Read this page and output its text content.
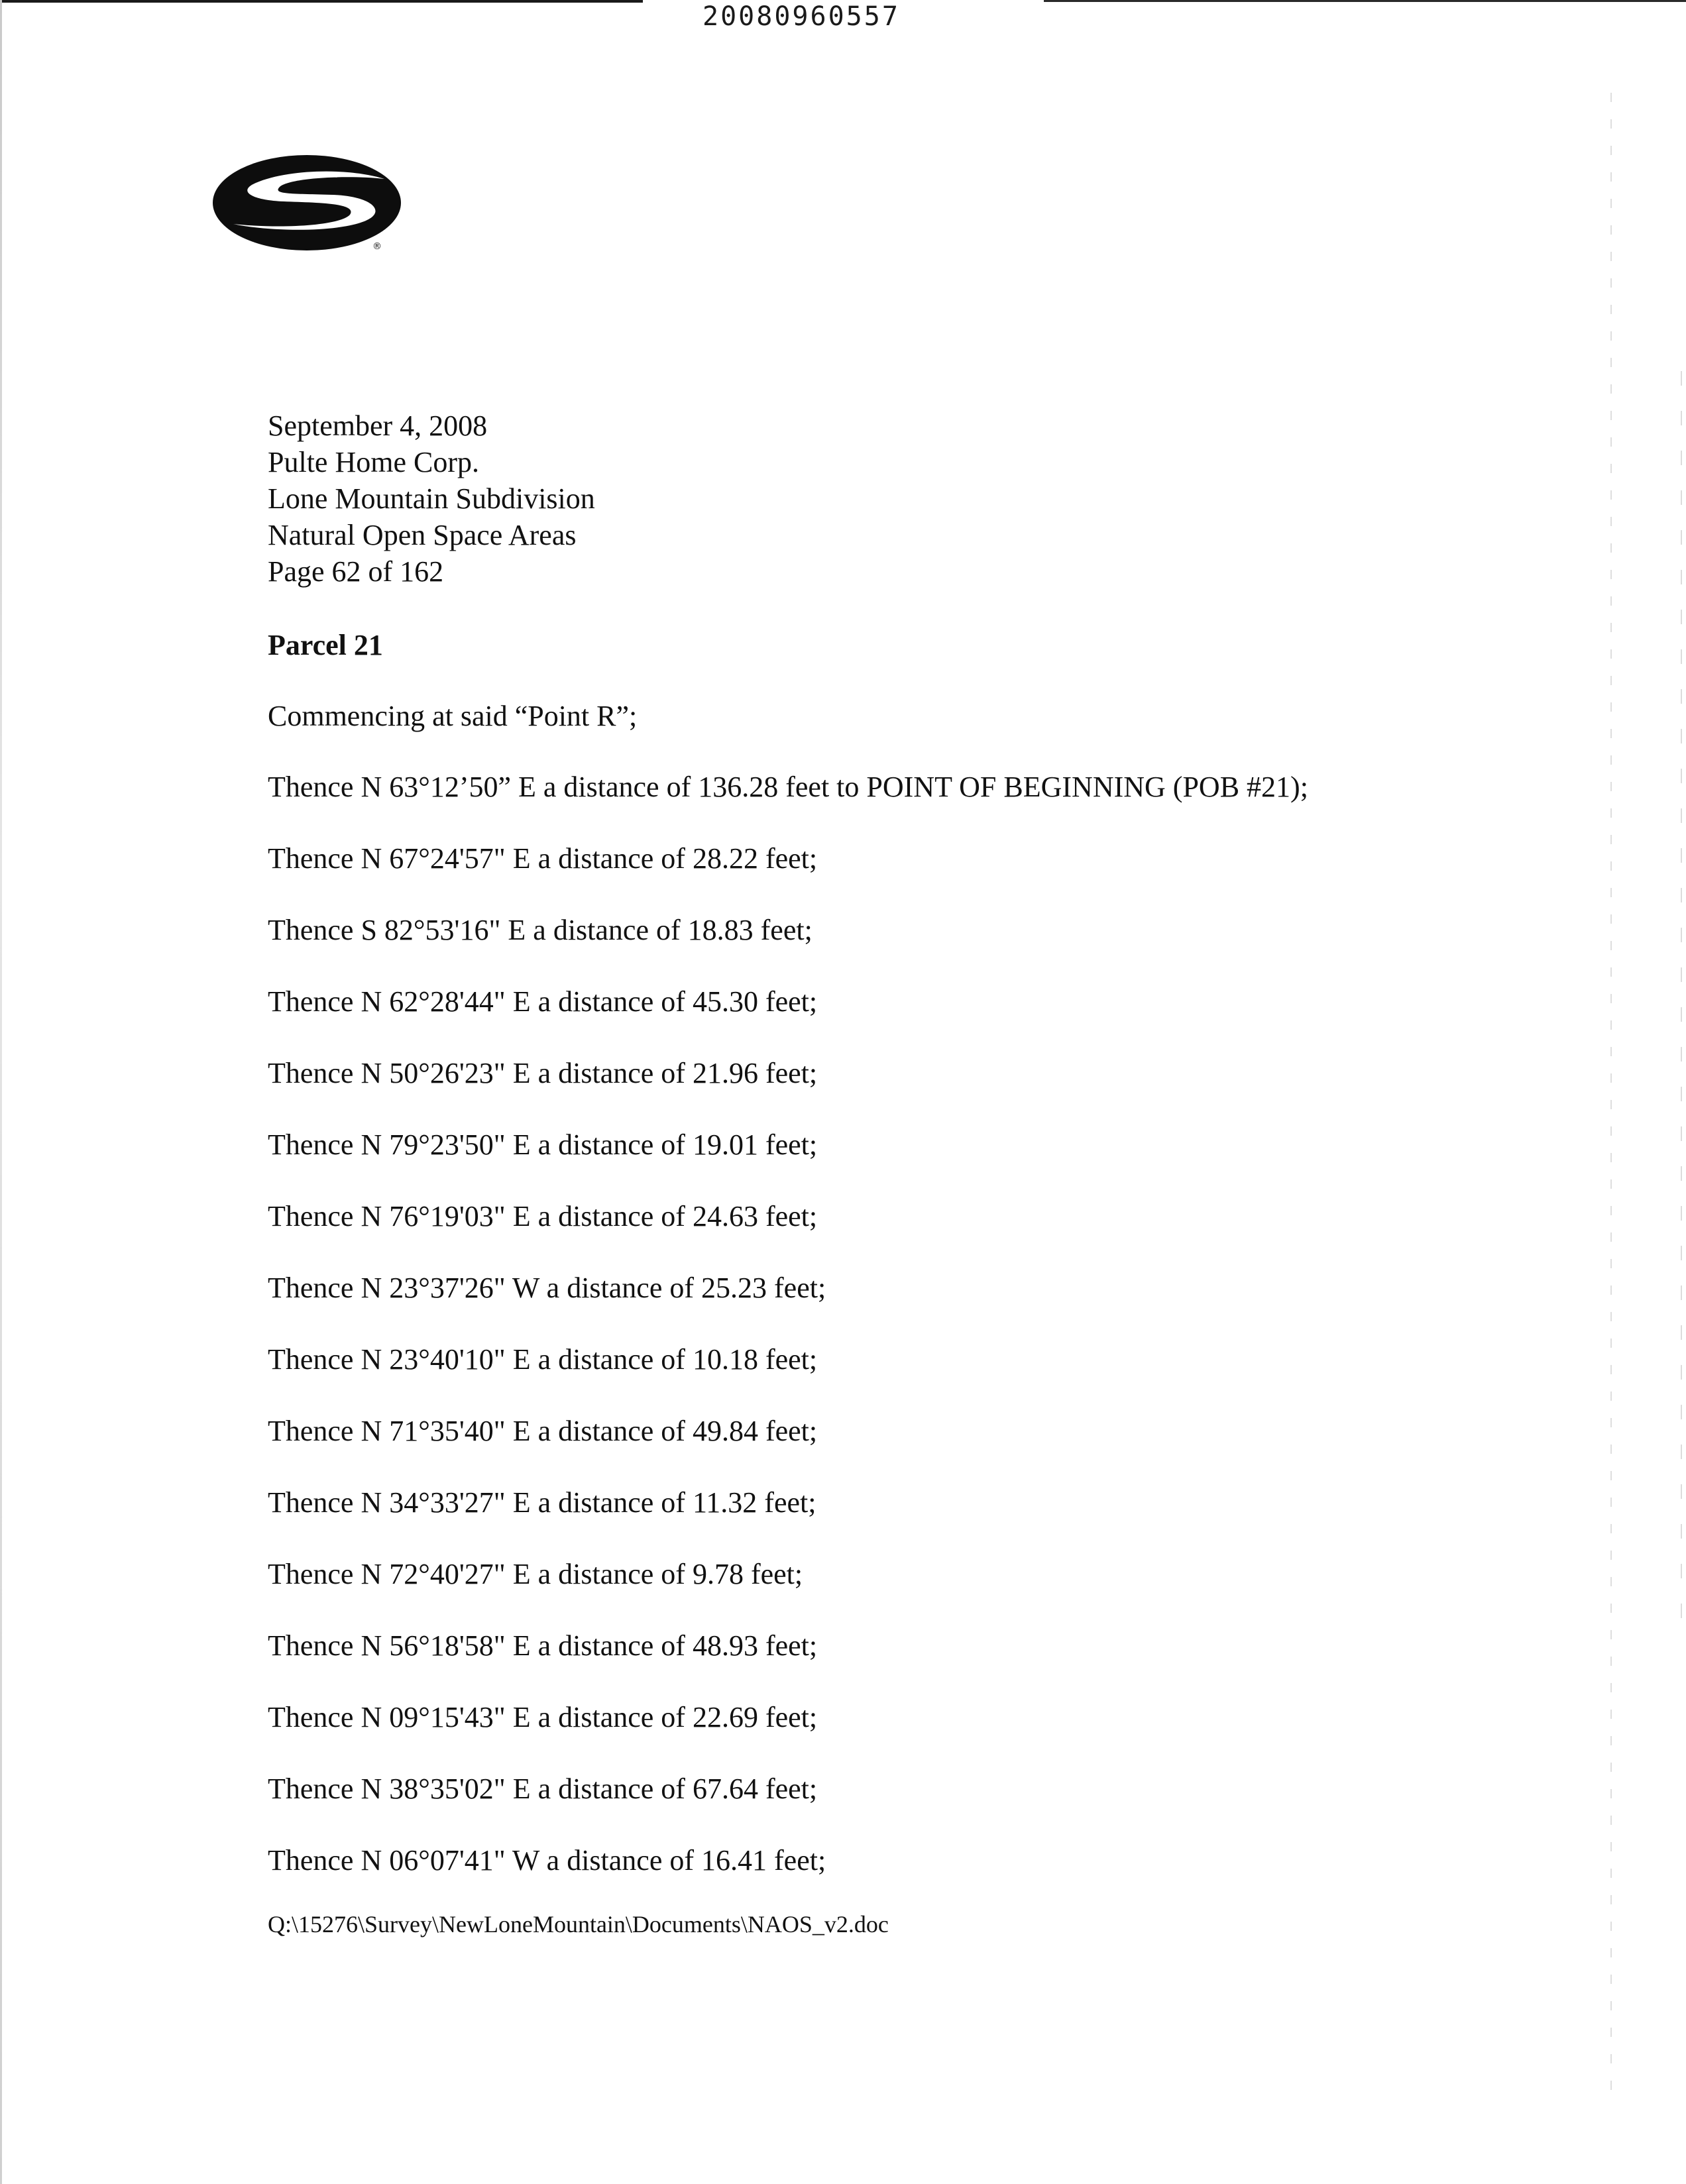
20080960557
®
September 4, 2008
Pulte Home Corp.
Lone Mountain Subdivision
Natural Open Space Areas
Page 62 of 162
Parcel 21
Commencing at said “Point R”;
Thence N 63°12’50” E a distance of 136.28 feet to POINT OF BEGINNING (POB #21);
Thence N 67°24'57" E a distance of 28.22 feet;
Thence S 82°53'16" E a distance of 18.83 feet;
Thence N 62°28'44" E a distance of 45.30 feet;
Thence N 50°26'23" E a distance of 21.96 feet;
Thence N 79°23'50" E a distance of 19.01 feet;
Thence N 76°19'03" E a distance of 24.63 feet;
Thence N 23°37'26" W a distance of 25.23 feet;
Thence N 23°40'10" E a distance of 10.18 feet;
Thence N 71°35'40" E a distance of 49.84 feet;
Thence N 34°33'27" E a distance of 11.32 feet;
Thence N 72°40'27" E a distance of 9.78 feet;
Thence N 56°18'58" E a distance of 48.93 feet;
Thence N 09°15'43" E a distance of 22.69 feet;
Thence N 38°35'02" E a distance of 67.64 feet;
Thence N 06°07'41" W a distance of 16.41 feet;
Q:\15276\Survey\NewLoneMountain\Documents\NAOS_v2.doc
